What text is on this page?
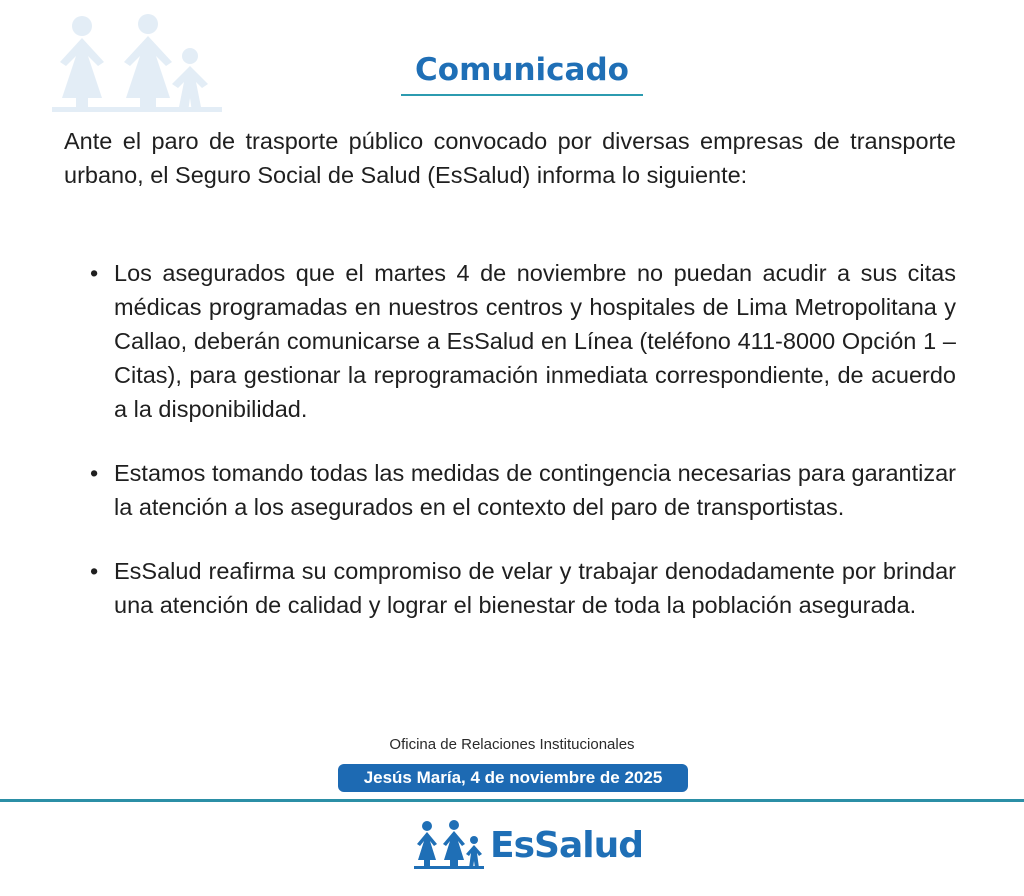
Comunicado

Ante el paro de trasporte público convocado por diversas empresas de transporte urbano, el Seguro Social de Salud (EsSalud) informa lo siguiente:

• Los asegurados que el martes 4 de noviembre no puedan acudir a sus citas médicas programadas en nuestros centros y hospitales de Lima Metropolitana y Callao, deberán comunicarse a EsSalud en Línea (teléfono 411-8000 Opción 1 – Citas), para gestionar la reprogramación inmediata correspondiente, de acuerdo a la disponibilidad.
• Estamos tomando todas las medidas de contingencia necesarias para garantizar la atención a los asegurados en el contexto del paro de transportistas.
• EsSalud reafirma su compromiso de velar y trabajar denodadamente por brindar una atención de calidad y lograr el bienestar de toda la población asegurada.
Oficina de Relaciones Institucionales
Jesús María, 4 de noviembre de 2025
EsSalud
